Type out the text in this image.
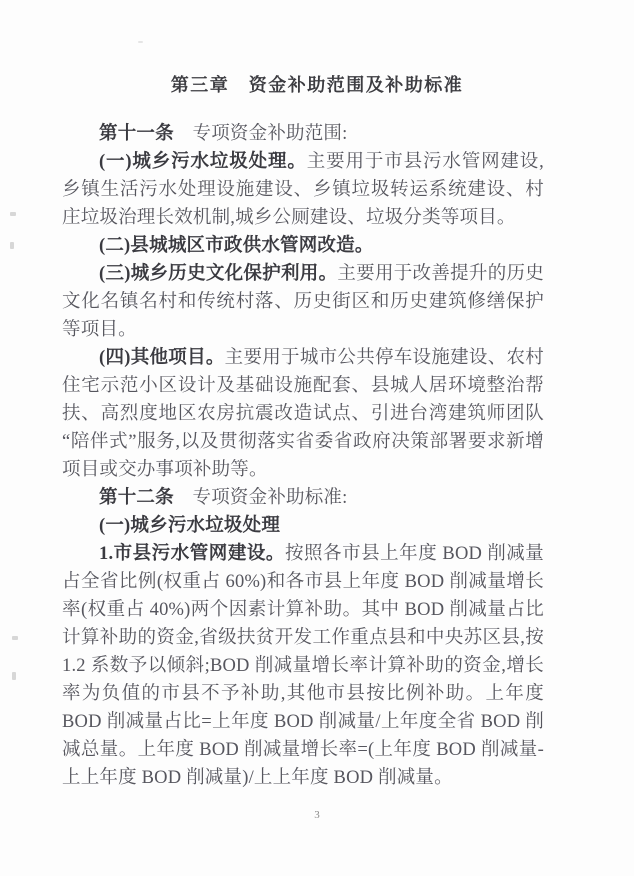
第三章　资金补助范围及补助标准

第十一条　专项资金补助范围:

(一)城乡污水垃圾处理。主要用于市县污水管网建设,乡镇生活污水处理设施建设、乡镇垃圾转运系统建设、村庄垃圾治理长效机制,城乡公厕建设、垃圾分类等项目。

(二)县城城区市政供水管网改造。

(三)城乡历史文化保护利用。主要用于改善提升的历史文化名镇名村和传统村落、历史街区和历史建筑修缮保护等项目。

(四)其他项目。主要用于城市公共停车设施建设、农村住宅示范小区设计及基础设施配套、县城人居环境整治帮扶、高烈度地区农房抗震改造试点、引进台湾建筑师团队“陪伴式”服务,以及贯彻落实省委省政府决策部署要求新增项目或交办事项补助等。

第十二条　专项资金补助标准:

(一)城乡污水垃圾处理

1.市县污水管网建设。按照各市县上年度 BOD 削减量占全省比例(权重占 60%)和各市县上年度 BOD 削减量增长率(权重占 40%)两个因素计算补助。其中 BOD 削减量占比计算补助的资金,省级扶贫开发工作重点县和中央苏区县,按 1.2 系数予以倾斜;BOD 削减量增长率计算补助的资金,增长率为负值的市县不予补助,其他市县按比例补助。上年度 BOD 削减量占比=上年度 BOD 削减量/上年度全省 BOD 削减总量。上年度 BOD 削减量增长率=(上年度 BOD 削减量-上上年度 BOD 削减量)/上上年度 BOD 削减量。

3
